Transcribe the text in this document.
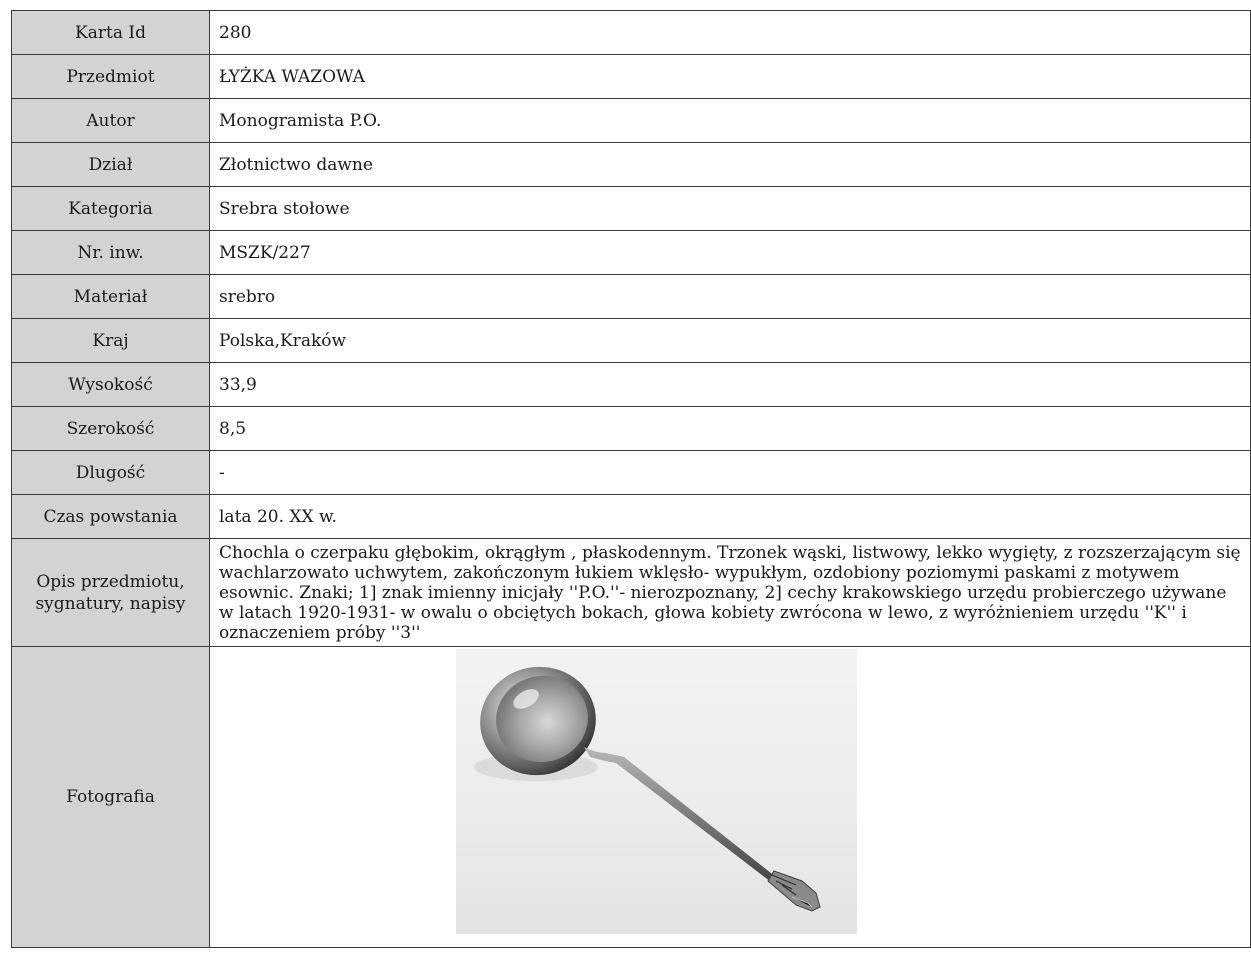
Karta Id	280
Przedmiot	ŁYŻKA WAZOWA
Autor	Monogramista P.O.
Dział	Złotnictwo dawne
Kategoria	Srebra stołowe
Nr. inw.	MSZK/227
Materiał	srebro
Kraj	Polska,Kraków
Wysokość	33,9
Szerokość	8,5
Dlugość	-
Czas powstania	lata 20. XX w.
Opis przedmiotu,
sygnatury, napisy	Chochla o czerpaku głębokim, okrągłym , płaskodennym. Trzonek wąski, listwowy, lekko wygięty, z rozszerzającym się wachlarzowato uchwytem, zakończonym łukiem wklęsło- wypukłym, ozdobiony poziomymi paskami z motywem esownic. Znaki; 1] znak imienny inicjały ''P.O.''- nierozpoznany, 2] cechy krakowskiego urzędu probierczego używane w latach 1920-1931- w owalu o obciętych bokach, głowa kobiety zwrócona w lewo, z wyróżnieniem urzędu ''K'' i oznaczeniem próby ''3''
Fotografia	
